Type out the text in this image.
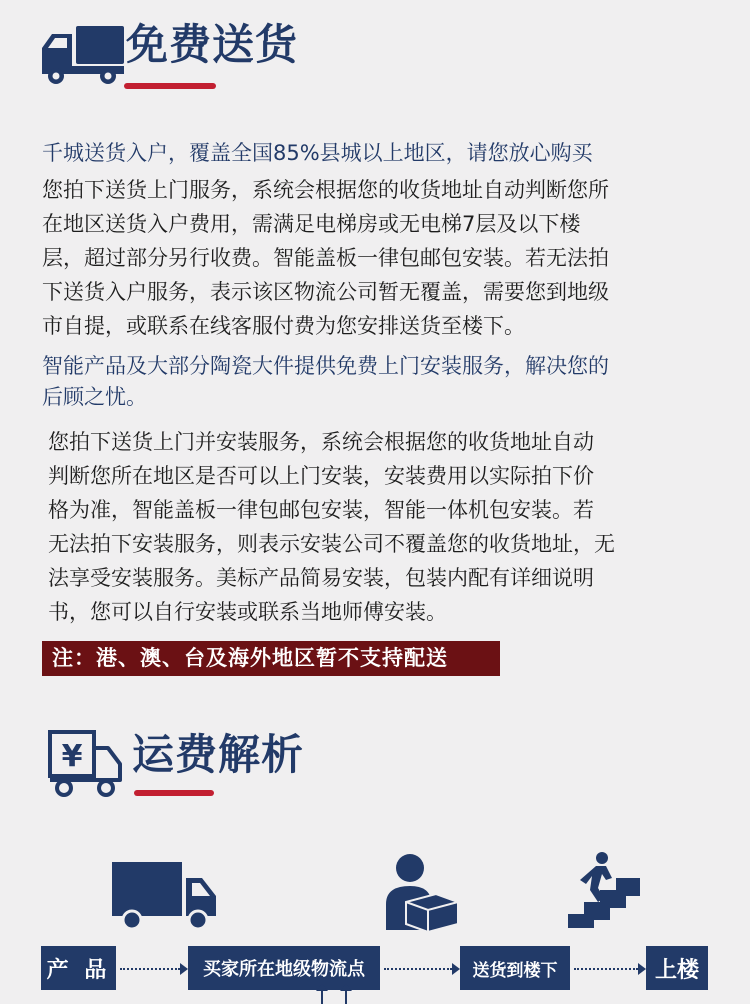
免费送货
千城送货入户，覆盖全国85%县城以上地区，请您放心购买
您拍下送货上门服务，系统会根据您的收货地址自动判断您所
在地区送货入户费用，需满足电梯房或无电梯7层及以下楼
层，超过部分另行收费。智能盖板一律包邮包安装。若无法拍
下送货入户服务，表示该区物流公司暂无覆盖，需要您到地级
市自提，或联系在线客服付费为您安排送货至楼下。
智能产品及大部分陶瓷大件提供免费上门安装服务，解决您的
后顾之忧。
您拍下送货上门并安装服务，系统会根据您的收货地址自动
判断您所在地区是否可以上门安装，安装费用以实际拍下价
格为准，智能盖板一律包邮包安装，智能一体机包安装。若
无法拍下安装服务，则表示安装公司不覆盖您的收货地址，无
法享受安装服务。美标产品简易安装，包装内配有详细说明
书，您可以自行安装或联系当地师傅安装。
注：港、澳、台及海外地区暂不支持配送
¥ 运费解析
产 品	买家所在地级物流点	送货到楼下	上楼
